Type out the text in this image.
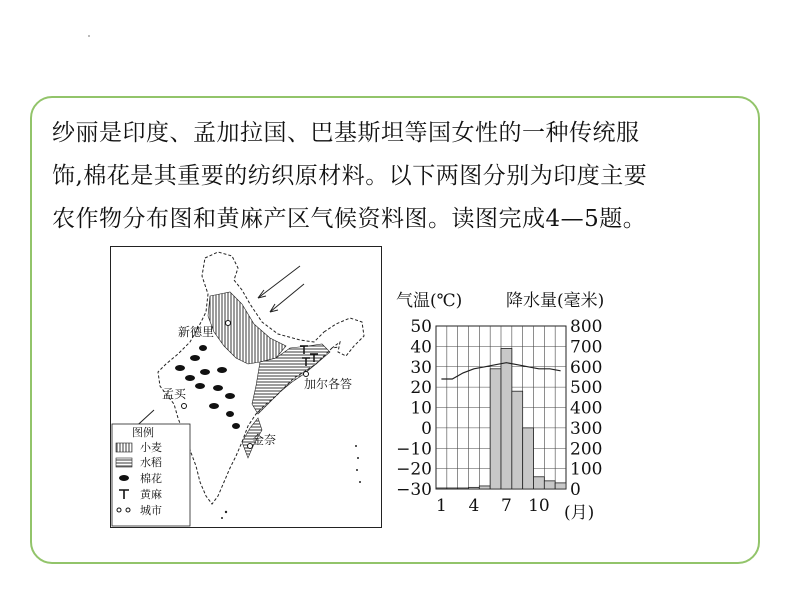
纱丽是印度、孟加拉国、巴基斯坦等国女性的一种传统服
饰,棉花是其重要的纺织原材料。以下两图分别为印度主要
农作物分布图和黄麻产区气候资料图。读图完成4—5题。

新德里
孟买
加尔各答
金奈
图例
小麦
水稻
棉花
黄麻
城市
气温(℃)	降水量(毫米)
50
40
30
20
10
0
−10
−20
−30
800
700
600
500
400
300
200
100
0
1 4 7 10 (月)
